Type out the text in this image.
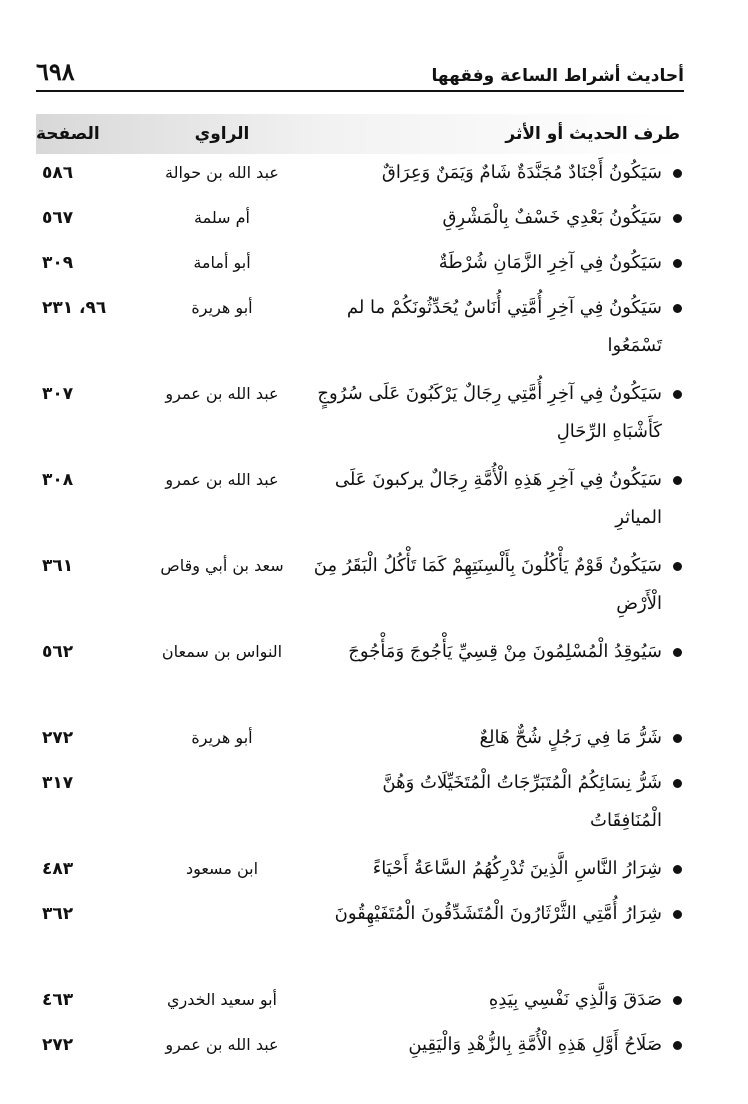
أحاديث أشراط الساعة وفقهها
٦٩٨
طرف الحديث أو الأثر
الراوي
الصفحة
سَيَكُونُ أَجْنَادٌ مُجَنَّدَةٌ شَامٌ وَيَمَنٌ وَعِرَاقٌ
عبد الله بن حوالة
٥٨٦
سَيَكُونُ بَعْدِي خَسْفٌ بِالْمَشْرِقِ
أم سلمة
٥٦٧
سَيَكُونُ فِي آخِرِ الزَّمَانِ شُرْطَةٌ
أبو أمامة
٣٠٩
سَيَكُونُ فِي آخِرِ أُمَّتِي أُنَاسٌ يُحَدِّثُونَكُمْ ما لم تَسْمَعُوا
أبو هريرة
٩٦، ٢٣١
سَيَكُونُ فِي آخِرِ أُمَّتِي رِجَالٌ يَرْكَبُونَ عَلَى سُرُوجٍ كَأَشْبَاهِ الرِّحَالِ
عبد الله بن عمرو
٣٠٧
سَيَكُونُ فِي آخِرِ هَذِهِ الْأُمَّةِ رِجَالٌ يركبونَ عَلَى المياثرِ
عبد الله بن عمرو
٣٠٨
سَيَكُونُ قَوْمٌ يَأْكُلُونَ بِأَلْسِنَتِهِمْ كَمَا تَأْكُلُ الْبَقَرُ مِنَ الْأَرْضِ
سعد بن أبي وقاص
٣٦١
سَيُوقِدُ الْمُسْلِمُونَ مِنْ قِسِيِّ يَأْجُوجَ وَمَأْجُوجَ
النواس بن سمعان
٥٦٢
شَرُّ مَا فِي رَجُلٍ شُحٌّ هَالِعٌ
أبو هريرة
٢٧٢
شَرُّ نِسَائِكُمُ الْمُتَبَرِّجَاتُ الْمُتَخَيِّلَاتُ وَهُنَّ الْمُنَافِقَاتُ
٣١٧
شِرَارُ النَّاسِ الَّذِينَ تُدْرِكُهُمُ السَّاعَةُ أَحْيَاءً
ابن مسعود
٤٨٣
شِرَارُ أُمَّتِي الثَّرْثَارُونَ الْمُتَشَدِّقُونَ الْمُتَفَيْهِقُونَ
٣٦٢
صَدَقَ وَالَّذِي نَفْسِي بِيَدِهِ
أبو سعيد الخدري
٤٦٣
صَلَاحُ أَوَّلِ هَذِهِ الْأُمَّةِ بِالزُّهْدِ وَالْيَقِينِ
عبد الله بن عمرو
٢٧٢
